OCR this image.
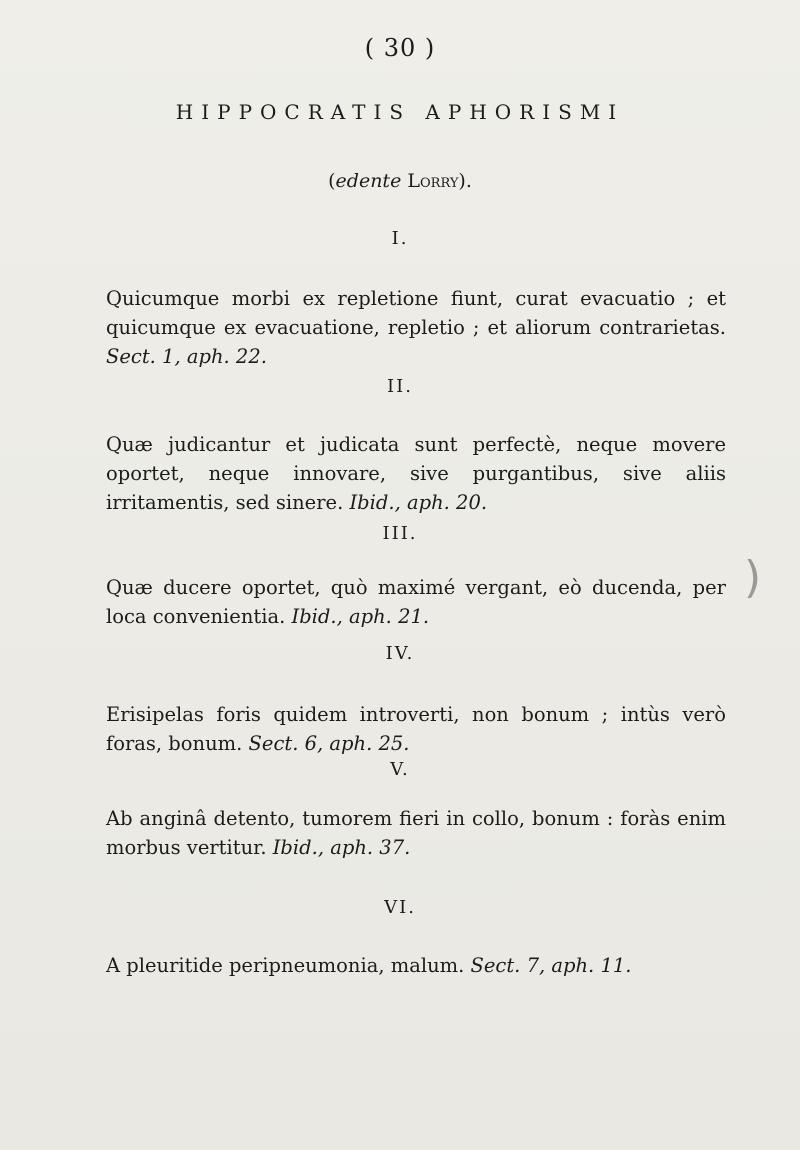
( 30 )
HIPPOCRATIS APHORISMI
(edente Lorry).
I.
Quicumque morbi ex repletione fiunt, curat evacuatio ; et quicumque ex evacuatione, repletio ; et aliorum contrarietas. Sect. 1, aph. 22.
II.
Quæ judicantur et judicata sunt perfectè, neque movere oportet, neque innovare, sive purgantibus, sive aliis irritamentis, sed sinere. Ibid., aph. 20.
III.
Quæ ducere oportet, quò maximé vergant, eò ducenda, per loca convenientia. Ibid., aph. 21.
IV.
Erisipelas foris quidem introverti, non bonum ; intùs verò foras, bonum. Sect. 6, aph. 25.
V.
Ab anginâ detento, tumorem fieri in collo, bonum : foràs enim morbus vertitur. Ibid., aph. 37.
VI.
A pleuritide peripneumonia, malum. Sect. 7, aph. 11.
)
